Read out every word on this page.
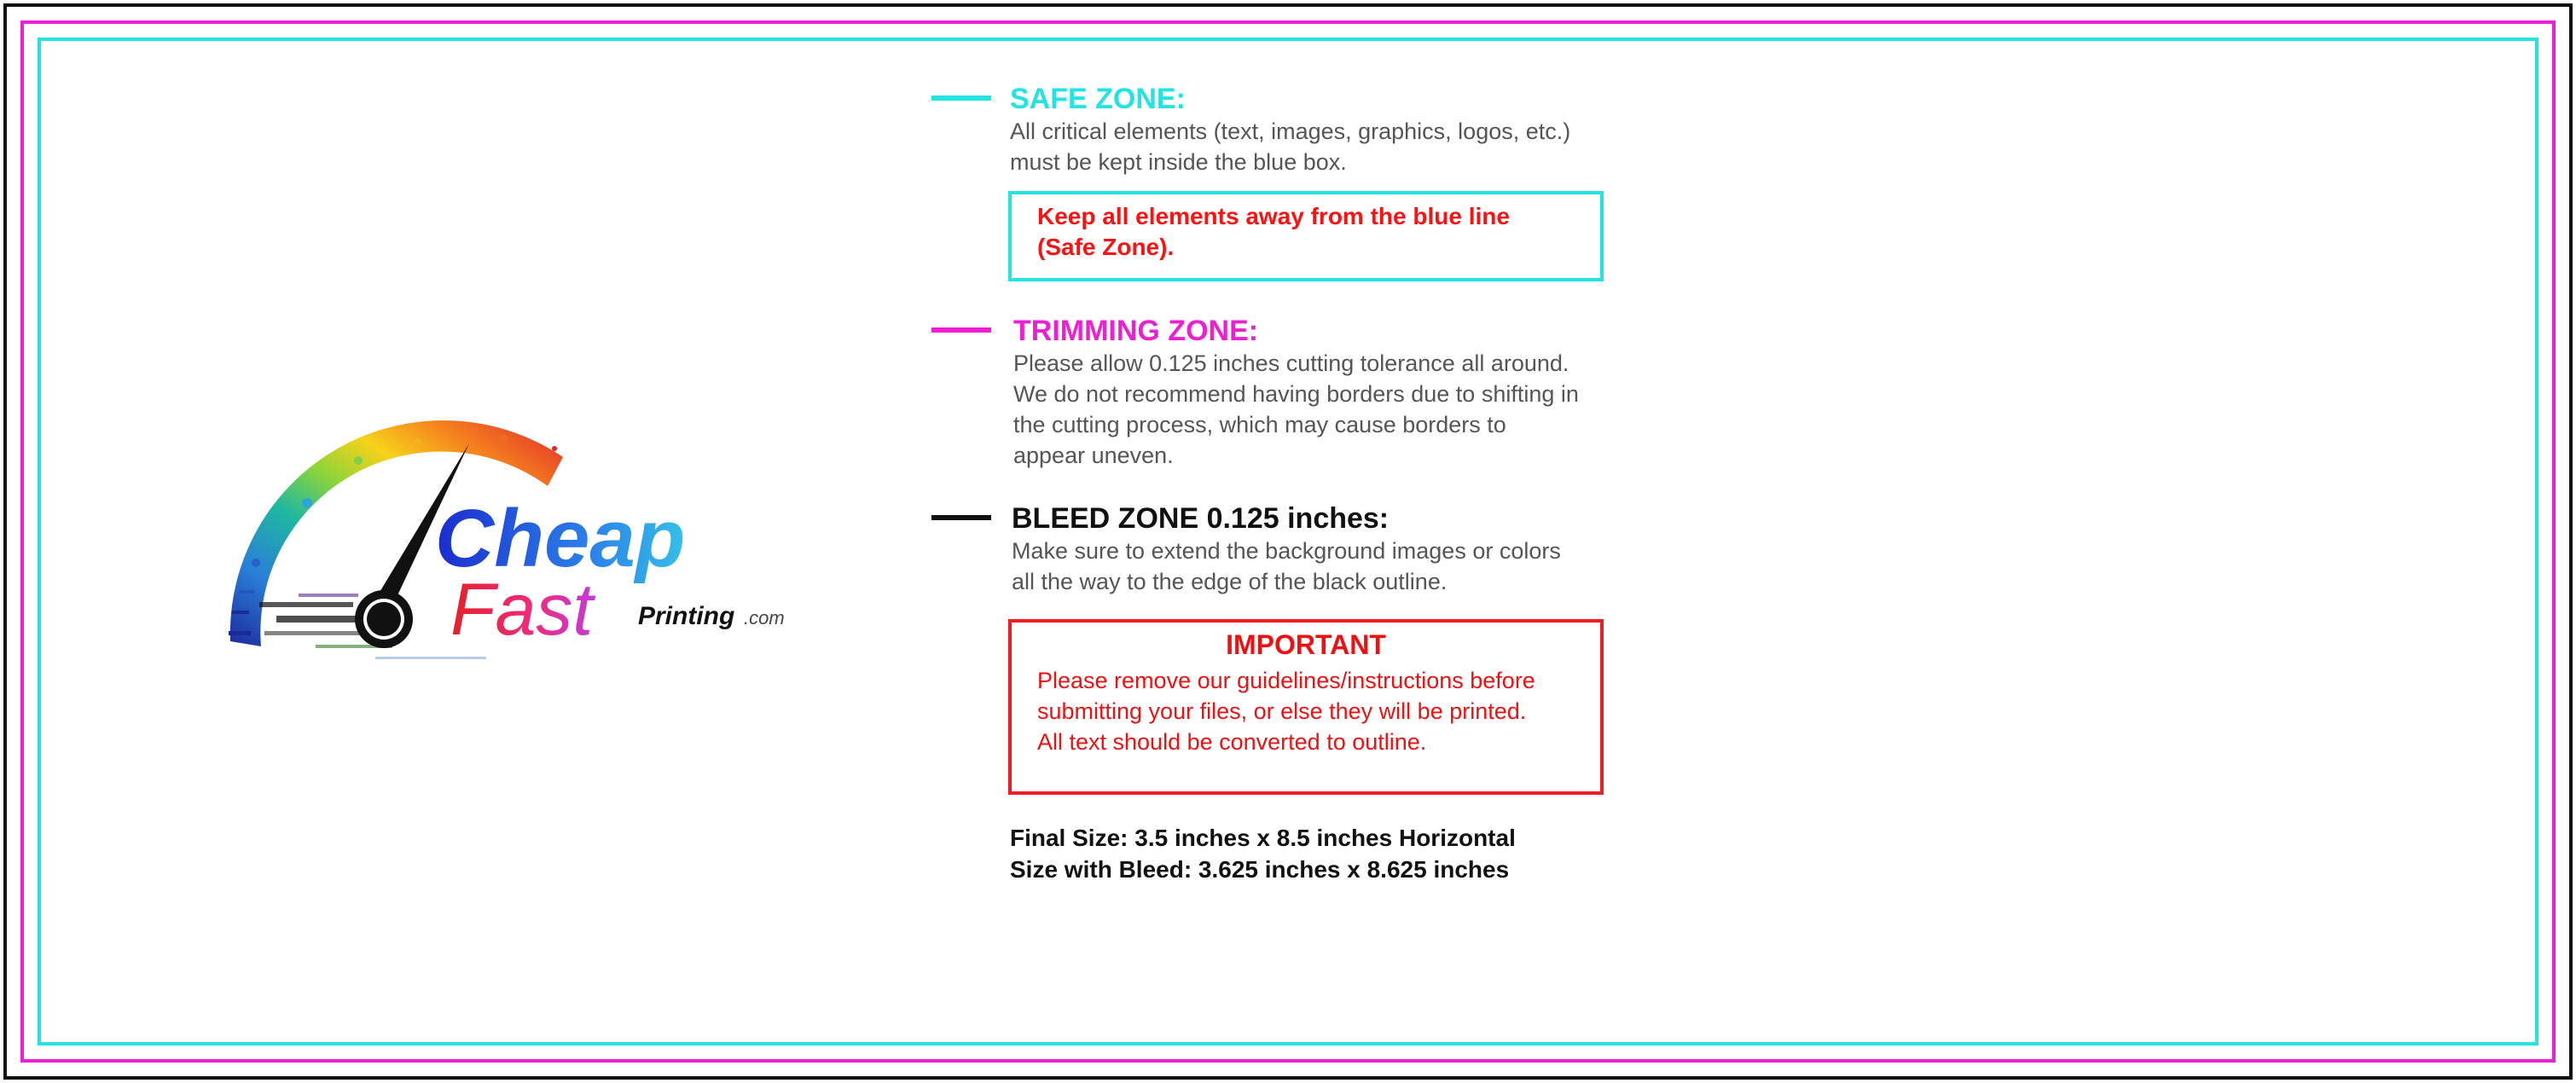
Cheap
Fast Printing .com
SAFE ZONE:
All critical elements (text, images, graphics, logos, etc.)
must be kept inside the blue box.
Keep all elements away from the blue line
(Safe Zone).
TRIMMING ZONE:
Please allow 0.125 inches cutting tolerance all around.
We do not recommend having borders due to shifting in
the cutting process, which may cause borders to
appear uneven.
BLEED ZONE 0.125 inches:
Make sure to extend the background images or colors
all the way to the edge of the black outline.
IMPORTANT
Please remove our guidelines/instructions before
submitting your files, or else they will be printed.
All text should be converted to outline.
Final Size: 3.5 inches x 8.5 inches Horizontal
Size with Bleed: 3.625 inches x 8.625 inches
